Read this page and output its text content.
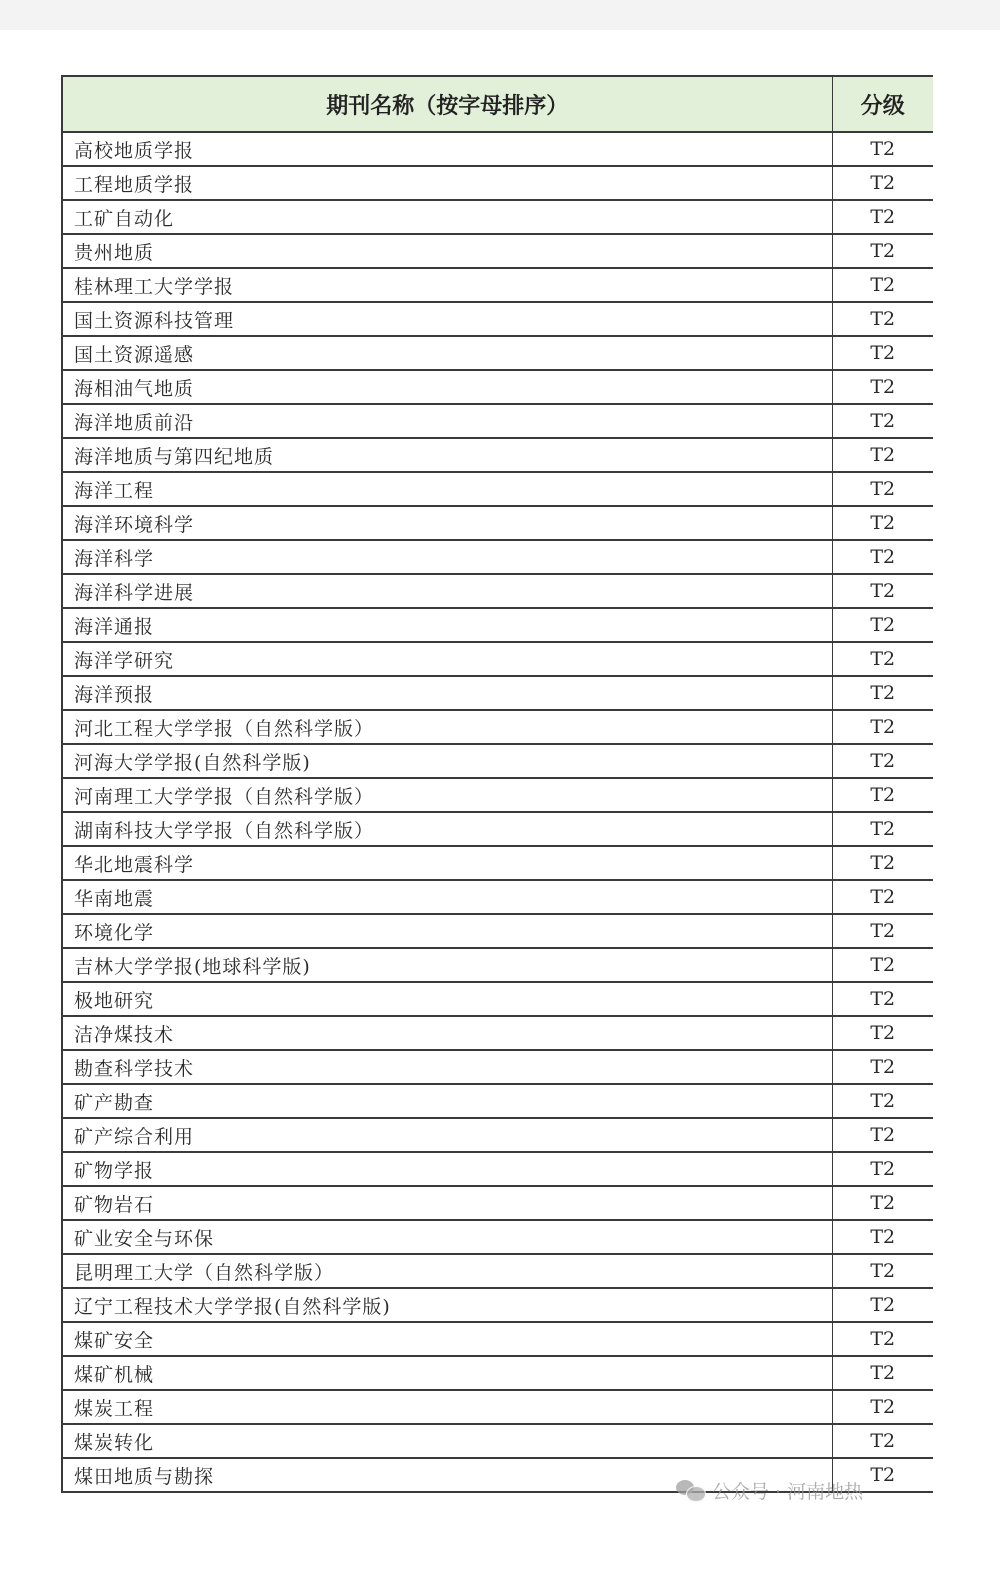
期刊名称（按字母排序）	分级
高校地质学报	T2
工程地质学报	T2
工矿自动化	T2
贵州地质	T2
桂林理工大学学报	T2
国土资源科技管理	T2
国土资源遥感	T2
海相油气地质	T2
海洋地质前沿	T2
海洋地质与第四纪地质	T2
海洋工程	T2
海洋环境科学	T2
海洋科学	T2
海洋科学进展	T2
海洋通报	T2
海洋学研究	T2
海洋预报	T2
河北工程大学学报（自然科学版）	T2
河海大学学报(自然科学版)	T2
河南理工大学学报（自然科学版）	T2
湖南科技大学学报（自然科学版）	T2
华北地震科学	T2
华南地震	T2
环境化学	T2
吉林大学学报(地球科学版)	T2
极地研究	T2
洁净煤技术	T2
勘查科学技术	T2
矿产勘查	T2
矿产综合利用	T2
矿物学报	T2
矿物岩石	T2
矿业安全与环保	T2
昆明理工大学（自然科学版）	T2
辽宁工程技术大学学报(自然科学版)	T2
煤矿安全	T2
煤矿机械	T2
煤炭工程	T2
煤炭转化	T2
煤田地质与勘探	T2
公众号 · 河南地热
